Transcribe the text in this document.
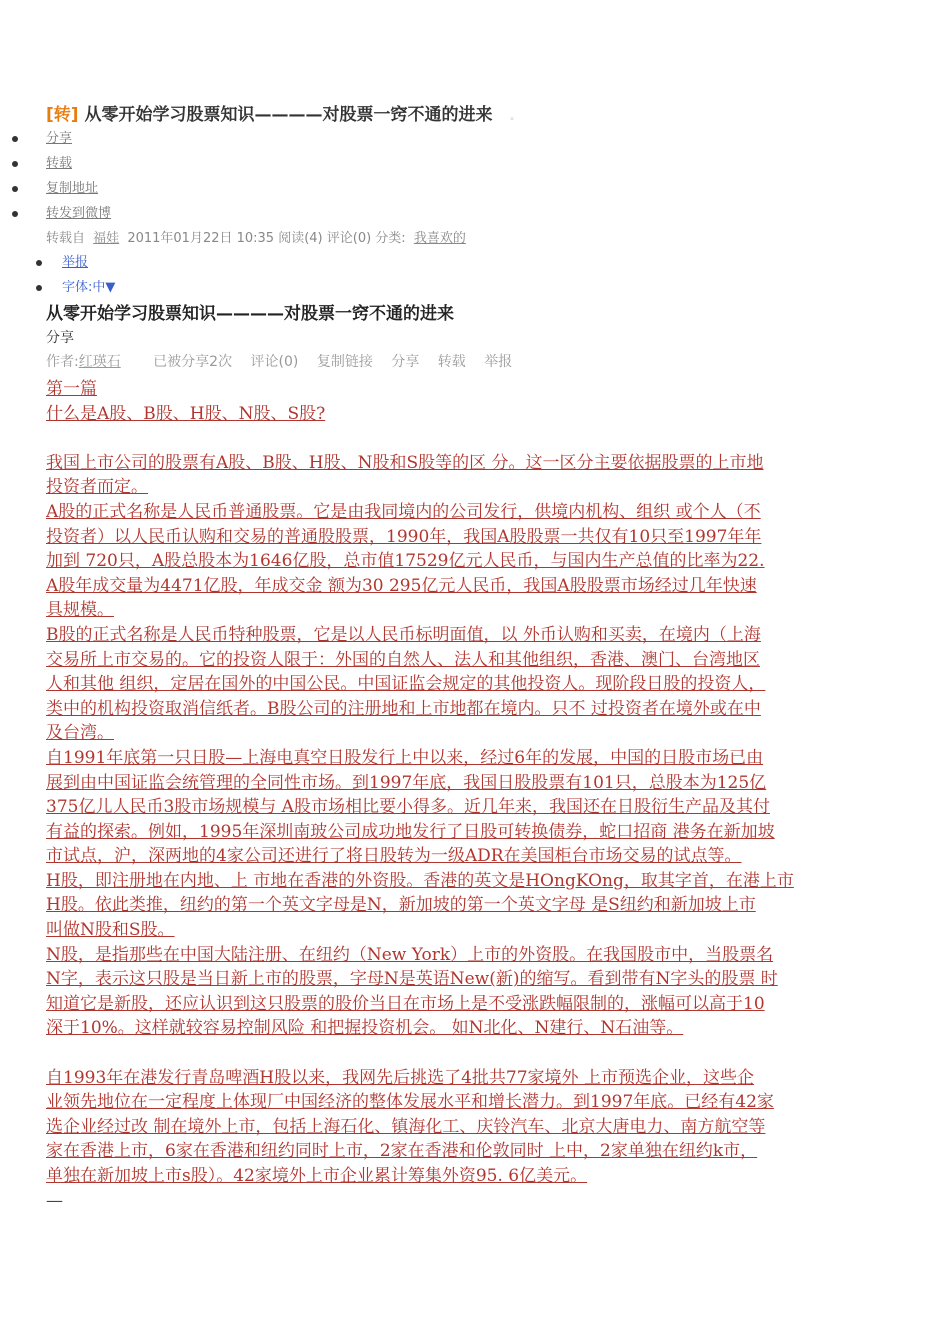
[转] 从零开始学习股票知识————对股票一窍不通的进来 。
分享
转载
复制地址
转发到微博
转载自 福娃 2011年01月22日 10:35 阅读(4) 评论(0) 分类: 我喜欢的
举报
字体:中▼
从零开始学习股票知识————对股票一窍不通的进来
分享
作者:红瑛石 已被分享2次 评论(0) 复制链接 分享 转载 举报
第一篇
什么是A股、B股、H股、N股、S股?
我国上市公司的股票有A股、B股、H股、N股和S股等的区 分。这一区分主要依据股票的上市地
投资者而定。
A股的正式名称是人民币普通股票。它是由我同境内的公司发行，供境内机构、组织 或个人（不
投资者）以人民币认购和交易的普通股股票，1990年，我国A股股票一共仅有10只至1997年年
加到 720只，A股总股本为1646亿股，总市值17529亿元人民币，与国内生产总值的比率为22.
A股年成交量为4471亿股，年成交金 额为30 295亿元人民币，我国A股股票市场经过几年快速
具规模。
B股的正式名称是人民币特种股票，它是以人民币标明面值，以 外币认购和买卖，在境内（上海
交易所上市交易的。它的投资人限于：外国的自然人、法人和其他组织，香港、澳门、台湾地区
人和其他 组织，定居在国外的中国公民。中国证监会规定的其他投资人。现阶段日股的投资人，
类中的机构投资取消信纸者。B股公司的注册地和上市地都在境内。只不 过投资者在境外或在中
及台湾。
自1991年底第一只日股—上海电真空日股发行上中以来，经过6年的发展，中国的日股市场已由
展到由中国证监会统管理的全同性市场。到1997年底，我国日股股票有101只，总股本为125亿
375亿儿人民币3股市场规模与 A股市场相比要小得多。近几年来，我国还在日股衍生产品及其付
有益的探索。例如，1995年深圳南玻公司成功地发行了日股可转换债券，蛇口招商 港务在新加坡
市试点，沪，深两地的4家公司还进行了将日股转为一级ADR在美国柜台市场交易的试点等。
H股，即注册地在内地、上 市地在香港的外资股。香港的英文是HOngKOng，取其字首，在港上市
H股。依此类推，纽约的第一个英文字母是N，新加坡的第一个英文字母 是S纽约和新加坡上市
叫做N股和S股。
N股，是指那些在中国大陆注册、在纽约（New York）上市的外资股。在我国股市中，当股票名
N字，表示这只股是当日新上市的股票，字母N是英语New(新)的缩写。看到带有N字头的股票 时
知道它是新股，还应认识到这只股票的股价当日在市场上是不受涨跌幅限制的，涨幅可以高于10
深于10%。这样就较容易控制风险 和把握投资机会。 如N北化、N建行、N石油等。
自1993年在港发行青岛啤酒H股以来，我网先后挑选了4批共77家境外 上市预选企业，这些企
业领先地位在一定程度上体现厂中国经济的整体发展水平和增长潜力。到1997年底。已经有42家
选企业经过改 制在境外上市，包括上海石化、镇海化工、庆铃汽车、北京大唐电力、南方航空等
家在香港上市，6家在香港和纽约同时上市，2家在香港和伦敦同时 上中，2家单独在纽约k市，
单独在新加坡上市s股）。42家境外上市企业累计筹集外资95. 6亿美元。
—
